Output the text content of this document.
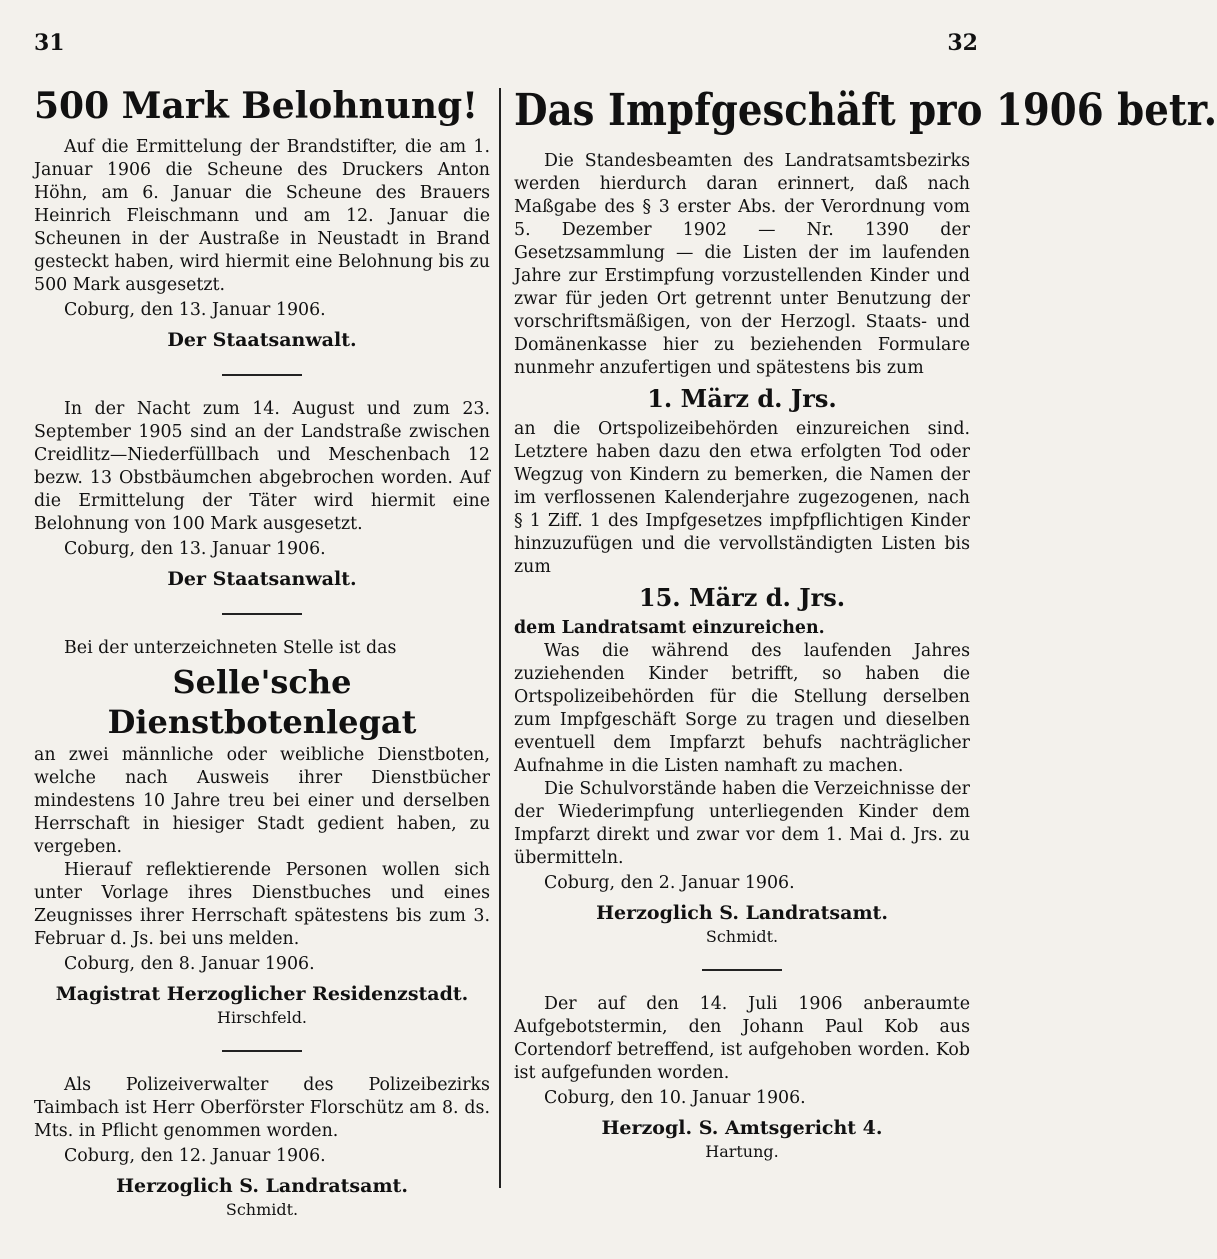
31	32
500 Mark Belohnung!

Auf die Ermittelung der Brandstifter, die am 1. Januar 1906 die Scheune des Druckers Anton Höhn, am 6. Januar die Scheune des Brauers Heinrich Fleischmann und am 12. Januar die Scheunen in der Austraße in Neustadt in Brand gesteckt haben, wird hiermit eine Belohnung bis zu 500 Mark ausgesetzt.

Coburg, den 13. Januar 1906.

Der Staatsanwalt.

In der Nacht zum 14. August und zum 23. September 1905 sind an der Landstraße zwischen Creidlitz—Niederfüllbach und Meschenbach 12 bezw. 13 Obstbäumchen abgebrochen worden. Auf die Ermittelung der Täter wird hiermit eine Belohnung von 100 Mark ausgesetzt.

Coburg, den 13. Januar 1906.

Der Staatsanwalt.

Bei der unterzeichneten Stelle ist das

Selle'sche Dienstbotenlegat

an zwei männliche oder weibliche Dienstboten, welche nach Ausweis ihrer Dienstbücher mindestens 10 Jahre treu bei einer und derselben Herrschaft in hiesiger Stadt gedient haben, zu vergeben.

Hierauf reflektierende Personen wollen sich unter Vorlage ihres Dienstbuches und eines Zeugnisses ihrer Herrschaft spätestens bis zum 3. Februar d. Js. bei uns melden.

Coburg, den 8. Januar 1906.

Magistrat Herzoglicher Residenzstadt.

Hirschfeld.

Als Polizeiverwalter des Polizeibezirks Taimbach ist Herr Oberförster Florschütz am 8. ds. Mts. in Pflicht genommen worden.

Coburg, den 12. Januar 1906.

Herzoglich S. Landratsamt.

Schmidt.

Das Impfgeschäft pro 1906 betr.

Die Standesbeamten des Landratsamtsbezirks werden hierdurch daran erinnert, daß nach Maßgabe des § 3 erster Abs. der Verordnung vom 5. Dezember 1902 — Nr. 1390 der Gesetzsammlung — die Listen der im laufenden Jahre zur Erstimpfung vorzustellenden Kinder und zwar für jeden Ort getrennt unter Benutzung der vorschriftsmäßigen, von der Herzogl. Staats- und Domänenkasse hier zu beziehenden Formulare nunmehr anzufertigen und spätestens bis zum

1. März d. Jrs.

an die Ortspolizeibehörden einzureichen sind. Letztere haben dazu den etwa erfolgten Tod oder Wegzug von Kindern zu bemerken, die Namen der im verflossenen Kalenderjahre zugezogenen, nach § 1 Ziff. 1 des Impfgesetzes impfpflichtigen Kinder hinzuzufügen und die vervollständigten Listen bis zum

15. März d. Jrs.

dem Landratsamt einzureichen.

Was die während des laufenden Jahres zuziehenden Kinder betrifft, so haben die Ortspolizeibehörden für die Stellung derselben zum Impfgeschäft Sorge zu tragen und dieselben eventuell dem Impfarzt behufs nachträglicher Aufnahme in die Listen namhaft zu machen.

Die Schulvorstände haben die Verzeichnisse der der Wiederimpfung unterliegenden Kinder dem Impfarzt direkt und zwar vor dem 1. Mai d. Jrs. zu übermitteln.

Coburg, den 2. Januar 1906.

Herzoglich S. Landratsamt.

Schmidt.

Der auf den 14. Juli 1906 anberaumte Aufgebotstermin, den Johann Paul Kob aus Cortendorf betreffend, ist aufgehoben worden. Kob ist aufgefunden worden.

Coburg, den 10. Januar 1906.

Herzogl. S. Amtsgericht 4.

Hartung.
